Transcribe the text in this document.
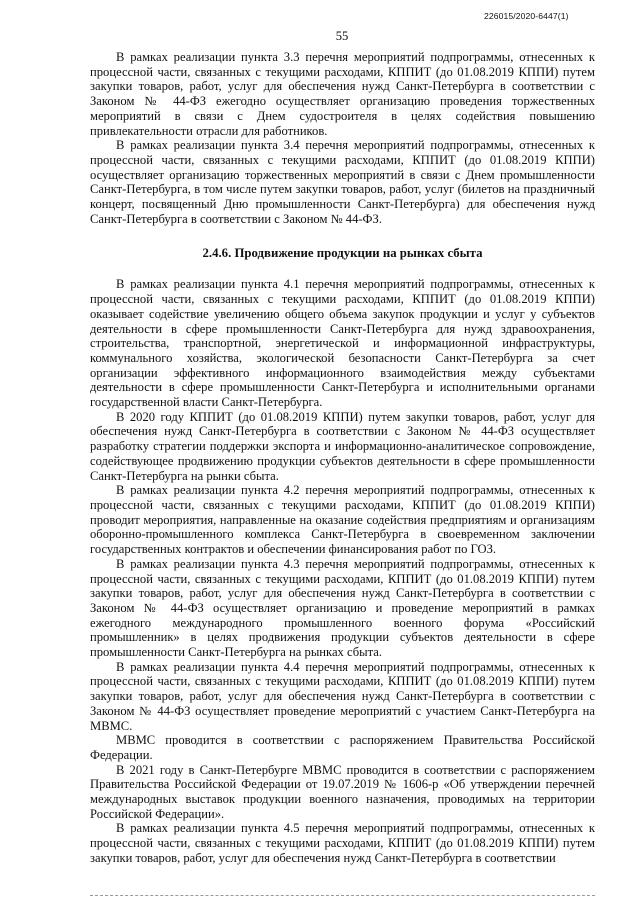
226015/2020-6447(1)
55

В рамках реализации пункта 3.3 перечня мероприятий подпрограммы, отнесенных к процессной части, связанных с текущими расходами, КППИТ (до 01.08.2019 КППИ) путем закупки товаров, работ, услуг для обеспечения нужд Санкт-Петербурга в соответствии с Законом № 44-ФЗ ежегодно осуществляет организацию проведения торжественных мероприятий в связи с Днем судостроителя в целях содействия повышению привлекательности отрасли для работников.

В рамках реализации пункта 3.4 перечня мероприятий подпрограммы, отнесенных к процессной части, связанных с текущими расходами, КППИТ (до 01.08.2019 КППИ) осуществляет организацию торжественных мероприятий в связи с Днем промышленности Санкт-Петербурга, в том числе путем закупки товаров, работ, услуг (билетов на праздничный концерт, посвященный Дню промышленности Санкт-Петербурга) для обеспечения нужд Санкт-Петербурга в соответствии с Законом № 44-ФЗ.

2.4.6. Продвижение продукции на рынках сбыта

В рамках реализации пункта 4.1 перечня мероприятий подпрограммы, отнесенных к процессной части, связанных с текущими расходами, КППИТ (до 01.08.2019 КППИ) оказывает содействие увеличению общего объема закупок продукции и услуг у субъектов деятельности в сфере промышленности Санкт-Петербурга для нужд здравоохранения, строительства, транспортной, энергетической и информационной инфраструктуры, коммунального хозяйства, экологической безопасности Санкт-Петербурга за счет организации эффективного информационного взаимодействия между субъектами деятельности в сфере промышленности Санкт-Петербурга и исполнительными органами государственной власти Санкт-Петербурга.

В 2020 году КППИТ (до 01.08.2019 КППИ) путем закупки товаров, работ, услуг для обеспечения нужд Санкт-Петербурга в соответствии с Законом № 44-ФЗ осуществляет разработку стратегии поддержки экспорта и информационно-аналитическое сопровождение, содействующее продвижению продукции субъектов деятельности в сфере промышленности Санкт-Петербурга на рынки сбыта.

В рамках реализации пункта 4.2 перечня мероприятий подпрограммы, отнесенных к процессной части, связанных с текущими расходами, КППИТ (до 01.08.2019 КППИ) проводит мероприятия, направленные на оказание содействия предприятиям и организациям оборонно-промышленного комплекса Санкт-Петербурга в своевременном заключении государственных контрактов и обеспечении финансирования работ по ГОЗ.

В рамках реализации пункта 4.3 перечня мероприятий подпрограммы, отнесенных к процессной части, связанных с текущими расходами, КППИТ (до 01.08.2019 КППИ) путем закупки товаров, работ, услуг для обеспечения нужд Санкт-Петербурга в соответствии с Законом № 44-ФЗ осуществляет организацию и проведение мероприятий в рамках ежегодного международного промышленного военного форума «Российский промышленник» в целях продвижения продукции субъектов деятельности в сфере промышленности Санкт-Петербурга на рынках сбыта.

В рамках реализации пункта 4.4 перечня мероприятий подпрограммы, отнесенных к процессной части, связанных с текущими расходами, КППИТ (до 01.08.2019 КППИ) путем закупки товаров, работ, услуг для обеспечения нужд Санкт-Петербурга в соответствии с Законом № 44-ФЗ осуществляет проведение мероприятий с участием Санкт-Петербурга на МВМС.

МВМС проводится в соответствии с распоряжением Правительства Российской Федерации.

В 2021 году в Санкт-Петербурге МВМС проводится в соответствии с распоряжением Правительства Российской Федерации от 19.07.2019 № 1606-р «Об утверждении перечней международных выставок продукции военного назначения, проводимых на территории Российской Федерации».

В рамках реализации пункта 4.5 перечня мероприятий подпрограммы, отнесенных к процессной части, связанных с текущими расходами, КППИТ (до 01.08.2019 КППИ) путем закупки товаров, работ, услуг для обеспечения нужд Санкт-Петербурга в соответствии
